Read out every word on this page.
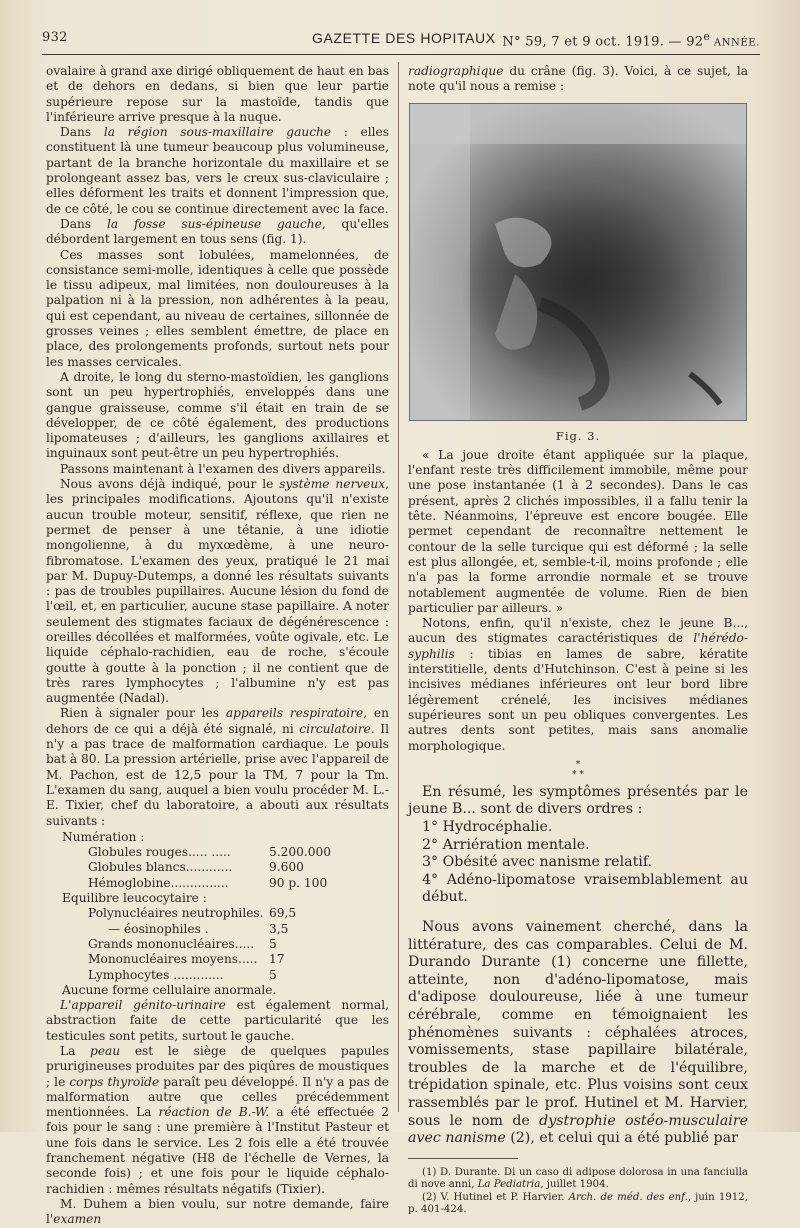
932	GAZETTE DES HOPITAUX N° 59, 7 et 9 oct. 1919. — 92e ANNÉE.

ovalaire à grand axe dirigé obliquement de haut en bas et de dehors en dedans, si bien que leur partie supérieure repose sur la mastoïde, tandis que l'inférieure arrive presque à la nuque.

Dans la région sous-maxillaire gauche : elles constituent là une tumeur beaucoup plus volumineuse, partant de la branche horizontale du maxillaire et se prolongeant assez bas, vers le creux sus-claviculaire ; elles déforment les traits et donnent l'impression que, de ce côté, le cou se continue directement avec la face.

Dans la fosse sus-épineuse gauche, qu'elles débordent largement en tous sens (fig. 1).

Ces masses sont lobulées, mamelonnées, de consistance semi-molle, identiques à celle que possède le tissu adipeux, mal limitées, non douloureuses à la palpation ni à la pression, non adhérentes à la peau, qui est cependant, au niveau de certaines, sillonnée de grosses veines ; elles semblent émettre, de place en place, des prolongements profonds, surtout nets pour les masses cervicales.

A droite, le long du sterno-mastoïdien, les ganglions sont un peu hypertrophiés, enveloppés dans une gangue graisseuse, comme s'il était en train de se développer, de ce côté également, des productions lipomateuses ; d'ailleurs, les ganglions axillaires et inguinaux sont peut-être un peu hypertrophiés.

Passons maintenant à l'examen des divers appareils.

Nous avons déjà indiqué, pour le système nerveux, les principales modifications. Ajoutons qu'il n'existe aucun trouble moteur, sensitif, réflexe, que rien ne permet de penser à une tétanie, à une idiotie mongolienne, à du myxœdème, à une neuro-fibromatose. L'examen des yeux, pratiqué le 21 mai par M. Dupuy-Dutemps, a donné les résultats suivants : pas de troubles pupillaires. Aucune lésion du fond de l'œil, et, en particulier, aucune stase papillaire. A noter seulement des stigmates faciaux de dégénérescence : oreilles décollées et malformées, voûte ogivale, etc. Le liquide céphalo-rachidien, eau de roche, s'écoule goutte à goutte à la ponction ; il ne contient que de très rares lymphocytes ; l'albumine n'y est pas augmentée (Nadal).

Rien à signaler pour les appareils respiratoire, en dehors de ce qui a déjà été signalé, ni circulatoire. Il n'y a pas trace de malformation cardiaque. Le pouls bat à 80. La pression artérielle, prise avec l'appareil de M. Pachon, est de 12,5 pour la TM, 7 pour la Tm. L'examen du sang, auquel a bien voulu procéder M. L.-E. Tixier, chef du laboratoire, a abouti aux résultats suivants :

Numération :
Globules rouges..... .....	5.200.000
Globules blancs............	9.600
Hémoglobine...............	90 p. 100
Equilibre leucocytaire :
Polynucléaires neutrophiles. 69,5
— éosinophiles .	3,5
Grands mononucléaires..... 5
Mononucléaires moyens..... 17
Lymphocytes .............	5
Aucune forme cellulaire anormale.

L'appareil génito-urinaire est également normal, abstraction faite de cette particularité que les testicules sont petits, surtout le gauche.

La peau est le siège de quelques papules prurigineuses produites par des piqûres de moustiques ; le corps thyroïde paraît peu développé. Il n'y a pas de malformation autre que celles précédemment mentionnées. La réaction de B.-W. a été effectuée 2 fois pour le sang : une première à l'Institut Pasteur et une fois dans le service. Les 2 fois elle a été trouvée franchement négative (H8 de l'échelle de Vernes, la seconde fois) ; et une fois pour le liquide céphalo-rachidien : mêmes résultats négatifs (Tixier).

M. Duhem a bien voulu, sur notre demande, faire l'examen

radiographique du crâne (fig. 3). Voici, à ce sujet, la note qu'il nous a remise :

Fig. 3.

« La joue droite étant appliquée sur la plaque, l'enfant reste très difficilement immobile, même pour une pose instantanée (1 à 2 secondes). Dans le cas présent, après 2 clichés impossibles, il a fallu tenir la tête. Néanmoins, l'épreuve est encore bougée. Elle permet cependant de reconnaître nettement le contour de la selle turcique qui est déformé ; la selle est plus allongée, et, semble-t-il, moins profonde ; elle n'a pas la forme arrondie normale et se trouve notablement augmentée de volume. Rien de bien particulier par ailleurs. »

Notons, enfin, qu'il n'existe, chez le jeune B..., aucun des stigmates caractéristiques de l'hérédo-syphilis : tibias en lames de sabre, kératite interstitielle, dents d'Hutchinson. C'est à peine si les incisives médianes inférieures ont leur bord libre légèrement crénelé, les incisives médianes supérieures sont un peu obliques convergentes. Les autres dents sont petites, mais sans anomalie morphologique.

*
* *

En résumé, les symptômes présentés par le jeune B... sont de divers ordres :

1° Hydrocéphalie.

2° Arriération mentale.

3° Obésité avec nanisme relatif.

4° Adéno-lipomatose vraisemblablement au début.

Nous avons vainement cherché, dans la littérature, des cas comparables. Celui de M. Durando Durante (1) concerne une fillette, atteinte, non d'adéno-lipomatose, mais d'adipose douloureuse, liée à une tumeur cérébrale, comme en témoignaient les phénomènes suivants : céphalées atroces, vomissements, stase papillaire bilatérale, troubles de la marche et de l'équilibre, trépidation spinale, etc. Plus voisins sont ceux rassemblés par le prof. Hutinel et M. Harvier, sous le nom de dystrophie ostéo-musculaire avec nanisme (2), et celui qui a été publié par

(1) D. Durante. Di un caso di adipose dolorosa in una fanciulla di nove anni, La Pediatria, juillet 1904.

(2) V. Hutinel et P. Harvier. Arch. de méd. des enf., juin 1912, p. 401-424.
